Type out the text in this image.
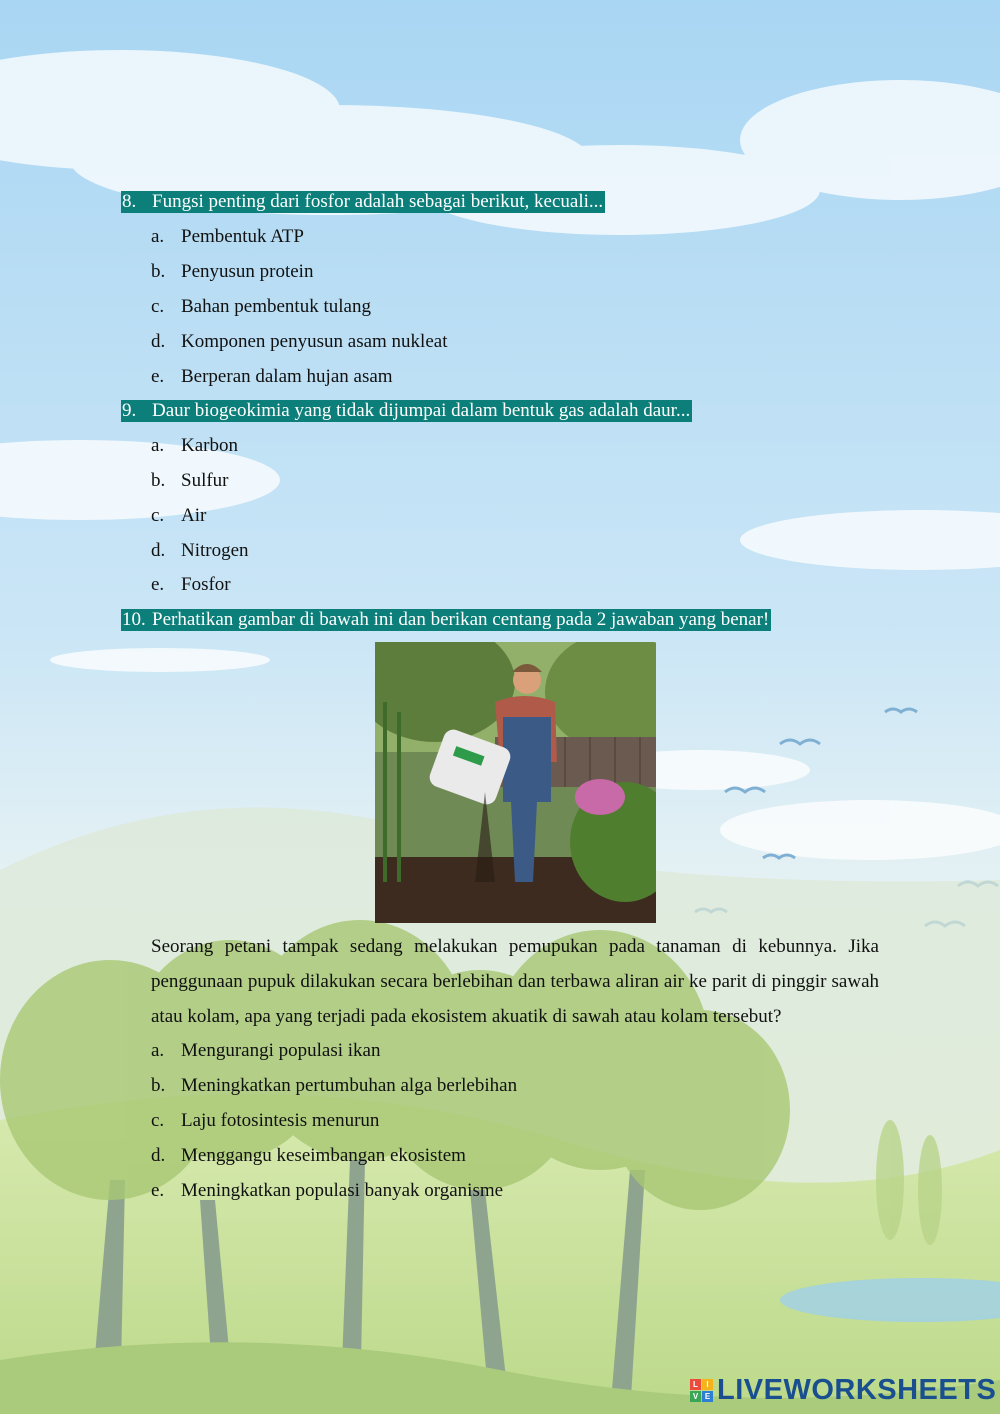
8. Fungsi penting dari fosfor adalah sebagai berikut, kecuali...
a. Pembentuk ATP
b. Penyusun protein
c. Bahan pembentuk tulang
d. Komponen penyusun asam nukleat
e. Berperan dalam hujan asam
9. Daur biogeokimia yang tidak dijumpai dalam bentuk gas adalah daur...
a. Karbon
b. Sulfur
c. Air
d. Nitrogen
e. Fosfor
10. Perhatikan gambar di bawah ini dan berikan centang pada 2 jawaban yang benar!
Seorang petani tampak sedang melakukan pemupukan pada tanaman di kebunnya. Jika penggunaan pupuk dilakukan secara berlebihan dan terbawa aliran air ke parit di pinggir sawah atau kolam, apa yang terjadi pada ekosistem akuatik di sawah atau kolam tersebut?
a. Mengurangi populasi ikan
b. Meningkatkan pertumbuhan alga berlebihan
c. Laju fotosintesis menurun
d. Menggangu keseimbangan ekosistem
e. Meningkatkan populasi banyak organisme
L	I
V E LIVEWORKSHEETS
